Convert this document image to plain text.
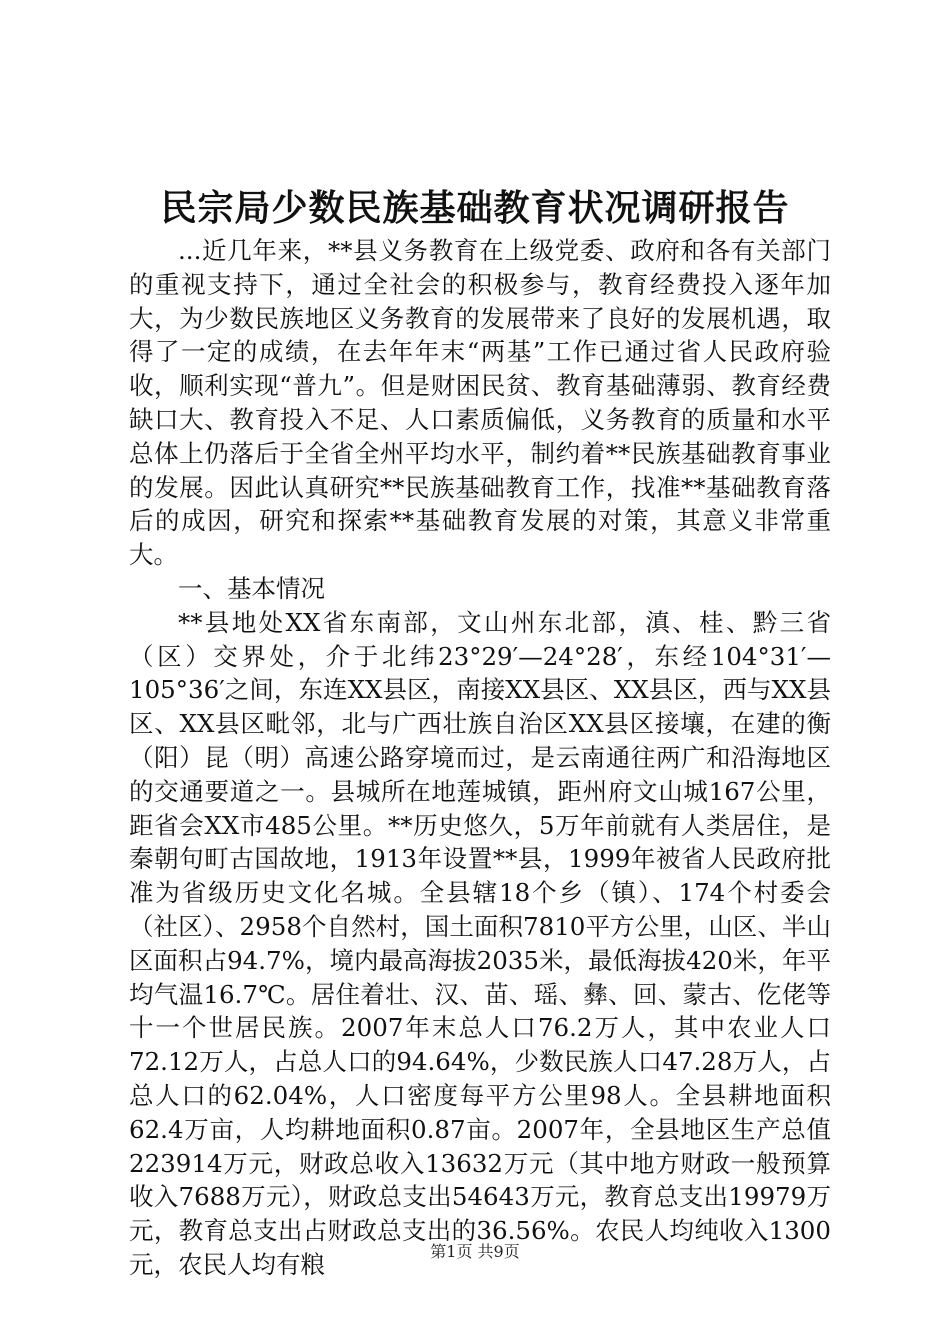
民宗局少数民族基础教育状况调研报告

...近几年来，**县义务教育在上级党委、政府和各有关部门的重视支持下，通过全社会的积极参与，教育经费投入逐年加大，为少数民族地区义务教育的发展带来了良好的发展机遇，取得了一定的成绩，在去年年末“两基”工作已通过省人民政府验收，顺利实现“普九”。但是财困民贫、教育基础薄弱、教育经费缺口大、教育投入不足、人口素质偏低，义务教育的质量和水平总体上仍落后于全省全州平均水平，制约着**民族基础教育事业的发展。因此认真研究**民族基础教育工作，找准**基础教育落后的成因，研究和探索**基础教育发展的对策，其意义非常重大。

一、基本情况

**县地处XX省东南部，文山州东北部，滇、桂、黔三省（区）交界处，介于北纬23°29′—24°28′，东经104°31′—105°36′之间，东连XX县区，南接XX县区、XX县区，西与XX县区、XX县区毗邻，北与广西壮族自治区XX县区接壤，在建的衡（阳）昆（明）高速公路穿境而过，是云南通往两广和沿海地区的交通要道之一。县城所在地莲城镇，距州府文山城167公里，距省会XX市485公里。**历史悠久，5万年前就有人类居住，是秦朝句町古国故地，1913年设置**县，1999年被省人民政府批准为省级历史文化名城。全县辖18个乡（镇）、174个村委会（社区）、2958个自然村，国土面积7810平方公里，山区、半山区面积占94.7%，境内最高海拔2035米，最低海拔420米，年平均气温16.7℃。居住着壮、汉、苗、瑶、彝、回、蒙古、仡佬等十一个世居民族。2007年末总人口76.2万人，其中农业人口72.12万人，占总人口的94.64%，少数民族人口47.28万人，占总人口的62.04%，人口密度每平方公里98人。全县耕地面积62.4万亩，人均耕地面积0.87亩。2007年，全县地区生产总值223914万元，财政总收入13632万元（其中地方财政一般预算收入7688万元），财政总支出54643万元，教育总支出19979万元，教育总支出占财政总支出的36.56%。农民人均纯收入1300元，农民人均有粮	第1页 共9页
